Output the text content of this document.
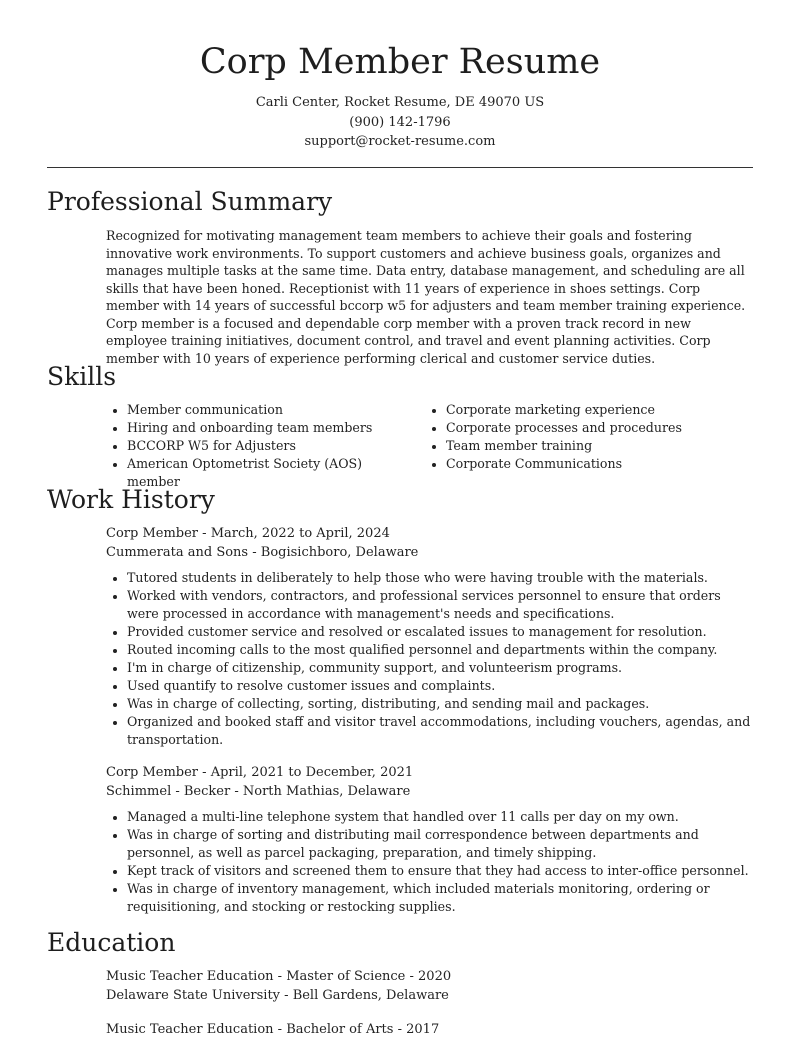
Corp Member Resume
Carli Center, Rocket Resume, DE 49070 US
(900) 142-1796
support@rocket-resume.com
Professional Summary
Recognized for motivating management team members to achieve their goals and fostering innovative work environments. To support customers and achieve business goals, organizes and manages multiple tasks at the same time. Data entry, database management, and scheduling are all skills that have been honed. Receptionist with 11 years of experience in shoes settings. Corp member with 14 years of successful bccorp w5 for adjusters and team member training experience. Corp member is a focused and dependable corp member with a proven track record in new employee training initiatives, document control, and travel and event planning activities. Corp member with 10 years of experience performing clerical and customer service duties.
Skills
Member communication
Hiring and onboarding team members
BCCORP W5 for Adjusters
American Optometrist Society (AOS) member
Corporate marketing experience
Corporate processes and procedures
Team member training
Corporate Communications
Work History
Corp Member - March, 2022 to April, 2024
Cummerata and Sons - Bogisichboro, Delaware
Tutored students in deliberately to help those who were having trouble with the materials.
Worked with vendors, contractors, and professional services personnel to ensure that orders were processed in accordance with management's needs and specifications.
Provided customer service and resolved or escalated issues to management for resolution.
Routed incoming calls to the most qualified personnel and departments within the company.
I'm in charge of citizenship, community support, and volunteerism programs.
Used quantify to resolve customer issues and complaints.
Was in charge of collecting, sorting, distributing, and sending mail and packages.
Organized and booked staff and visitor travel accommodations, including vouchers, agendas, and transportation.
Corp Member - April, 2021 to December, 2021
Schimmel - Becker - North Mathias, Delaware
Managed a multi-line telephone system that handled over 11 calls per day on my own.
Was in charge of sorting and distributing mail correspondence between departments and personnel, as well as parcel packaging, preparation, and timely shipping.
Kept track of visitors and screened them to ensure that they had access to inter-office personnel.
Was in charge of inventory management, which included materials monitoring, ordering or requisitioning, and stocking or restocking supplies.
Education
Music Teacher Education - Master of Science - 2020
Delaware State University - Bell Gardens, Delaware
Music Teacher Education - Bachelor of Arts - 2017
